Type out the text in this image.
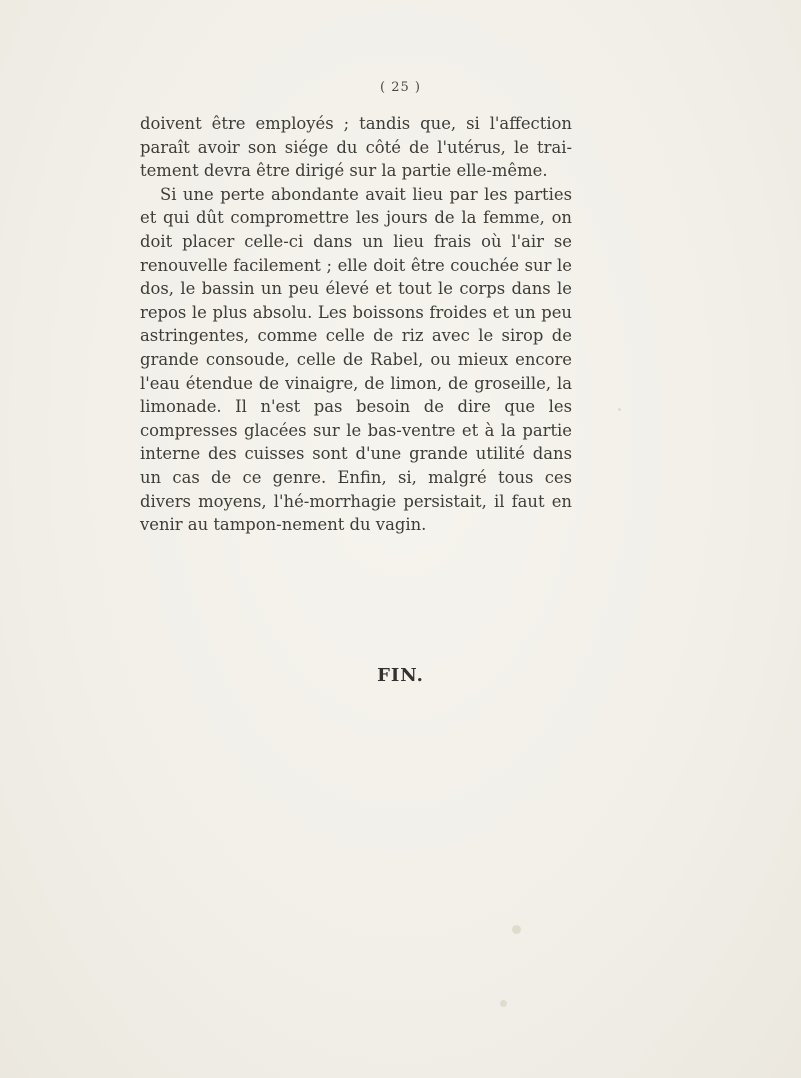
( 25 )

doivent être employés ; tandis que, si l'affection paraît avoir son siége du côté de l'utérus, le trai-tement devra être dirigé sur la partie elle-même.

Si une perte abondante avait lieu par les parties et qui dût compromettre les jours de la femme, on doit placer celle-ci dans un lieu frais où l'air se renouvelle facilement ; elle doit être couchée sur le dos, le bassin un peu élevé et tout le corps dans le repos le plus absolu. Les boissons froides et un peu astringentes, comme celle de riz avec le sirop de grande consoude, celle de Rabel, ou mieux encore l'eau étendue de vinaigre, de limon, de groseille, la limonade. Il n'est pas besoin de dire que les compresses glacées sur le bas-ventre et à la partie interne des cuisses sont d'une grande utilité dans un cas de ce genre. Enfin, si, malgré tous ces divers moyens, l'hé-morrhagie persistait, il faut en venir au tampon-nement du vagin.

FIN.
